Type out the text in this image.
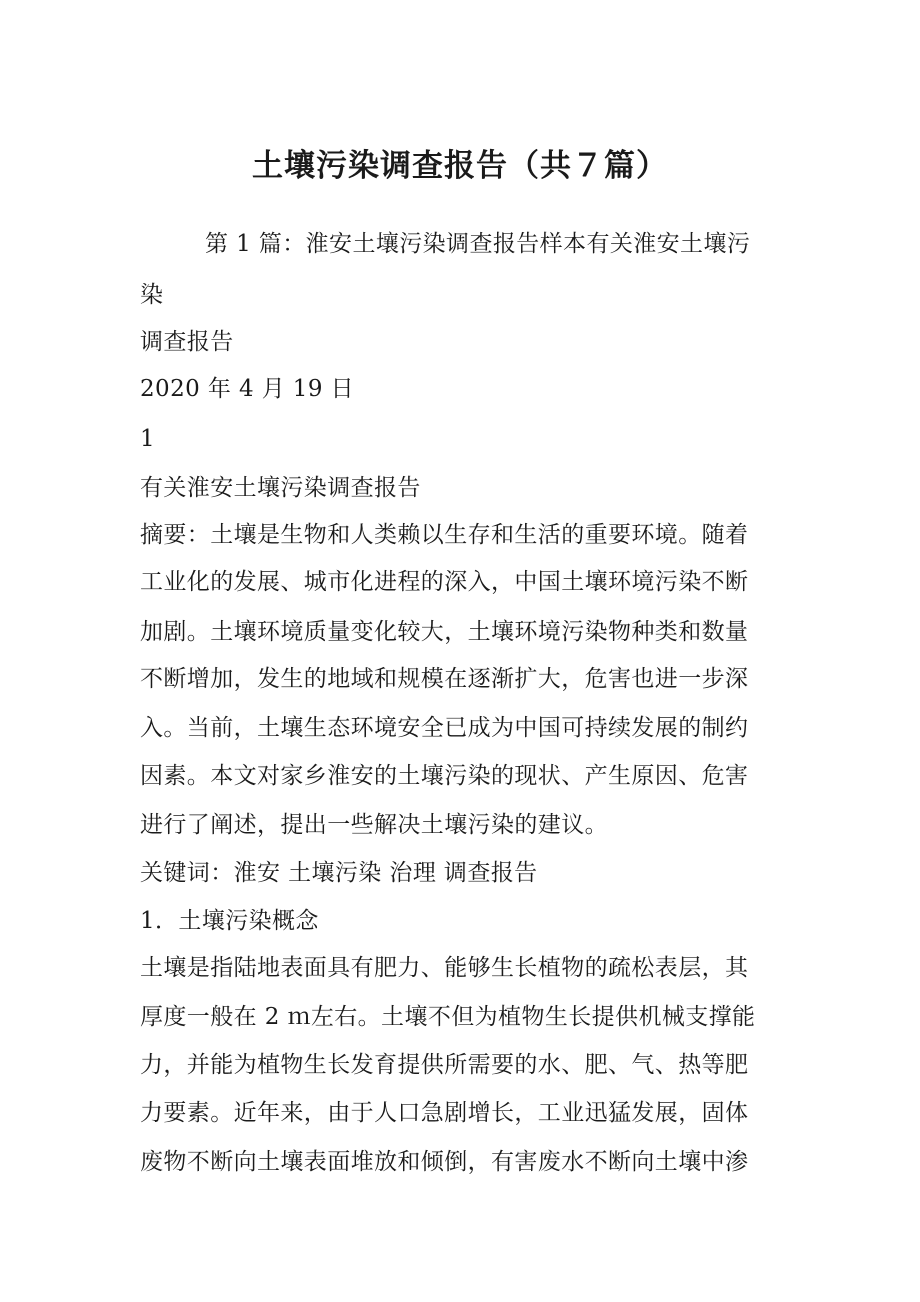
土壤污染调查报告（共７篇）
第 1 篇：淮安土壤污染调查报告样本有关淮安土壤污
染
调查报告
2020 年 4 月 19 日
1
有关淮安土壤污染调查报告
摘要：土壤是生物和人类赖以生存和生活的重要环境。随着
工业化的发展、城市化进程的深入，中国土壤环境污染不断
加剧。土壤环境质量变化较大，土壤环境污染物种类和数量
不断增加，发生的地域和规模在逐渐扩大，危害也进一步深
入。当前，土壤生态环境安全已成为中国可持续发展的制约
因素。本文对家乡淮安的土壤污染的现状、产生原因、危害
进行了阐述，提出一些解决土壤污染的建议。
关键词：淮安 土壤污染 治理 调查报告
1．土壤污染概念
土壤是指陆地表面具有肥力、能够生长植物的疏松表层，其
厚度一般在 2 ｍ左右。土壤不但为植物生长提供机械支撑能
力，并能为植物生长发育提供所需要的水、肥、气、热等肥
力要素。近年来，由于人口急剧增长，工业迅猛发展，固体
废物不断向土壤表面堆放和倾倒，有害废水不断向土壤中渗
